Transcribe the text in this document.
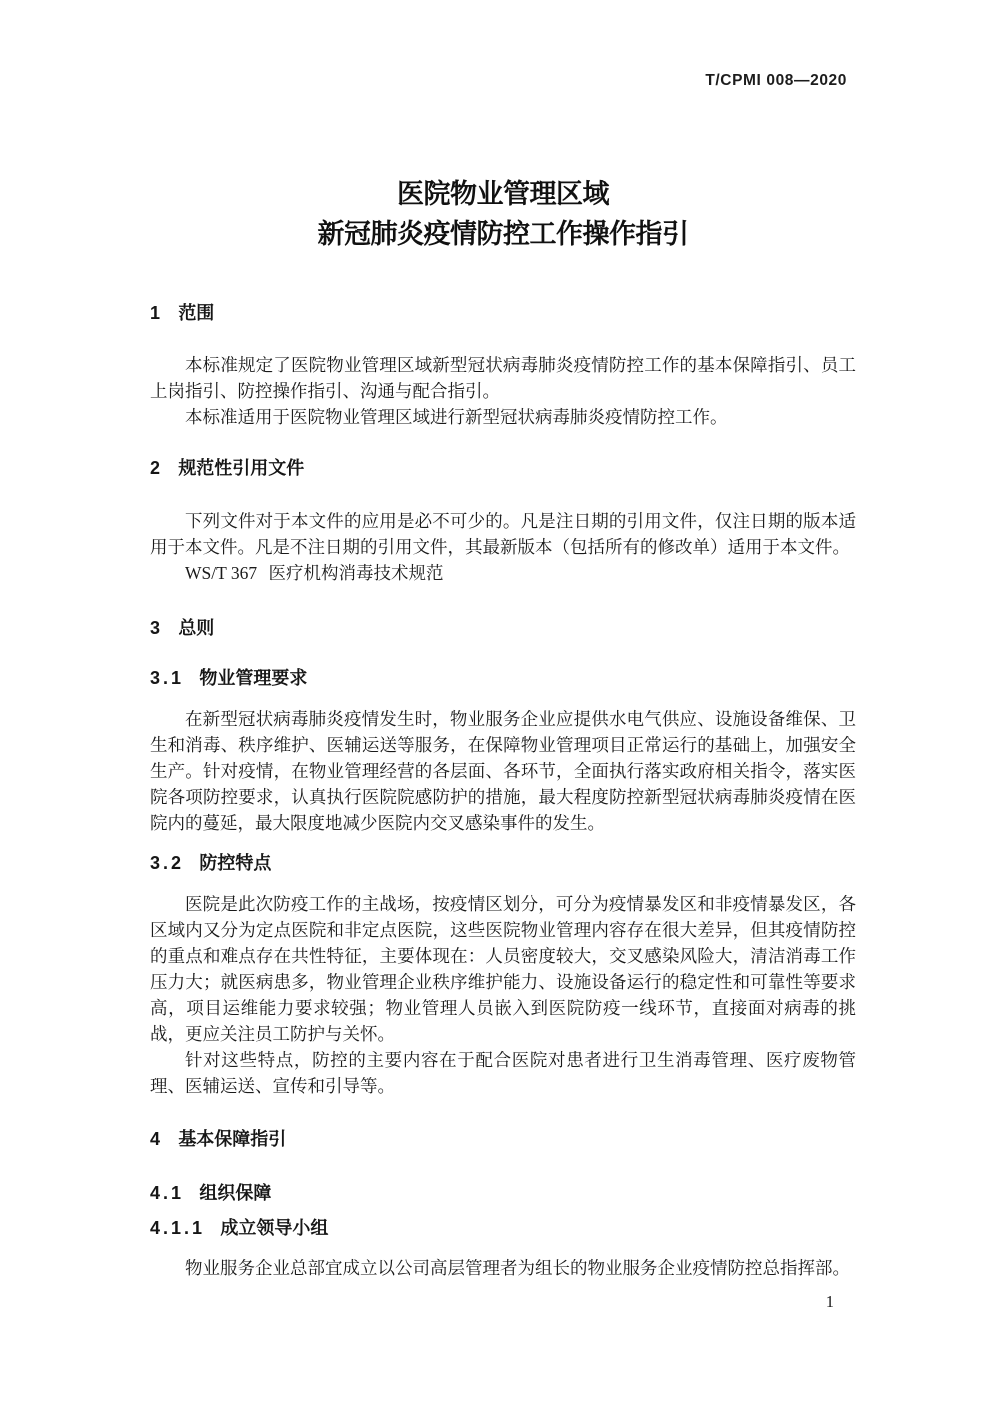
T/CPMI 008—2020
医院物业管理区域
新冠肺炎疫情防控工作操作指引
1 范围

本标准规定了医院物业管理区域新型冠状病毒肺炎疫情防控工作的基本保障指引、员工上岗指引、防控操作指引、沟通与配合指引。

本标准适用于医院物业管理区域进行新型冠状病毒肺炎疫情防控工作。

2 规范性引用文件

下列文件对于本文件的应用是必不可少的。凡是注日期的引用文件，仅注日期的版本适用于本文件。凡是不注日期的引用文件，其最新版本（包括所有的修改单）适用于本文件。

WS/T 367 医疗机构消毒技术规范

3 总则
3.1 物业管理要求

在新型冠状病毒肺炎疫情发生时，物业服务企业应提供水电气供应、设施设备维保、卫生和消毒、秩序维护、医辅运送等服务，在保障物业管理项目正常运行的基础上，加强安全生产。针对疫情，在物业管理经营的各层面、各环节，全面执行落实政府相关指令，落实医院各项防控要求，认真执行医院院感防护的措施，最大程度防控新型冠状病毒肺炎疫情在医院内的蔓延，最大限度地减少医院内交叉感染事件的发生。

3.2 防控特点

医院是此次防疫工作的主战场，按疫情区划分，可分为疫情暴发区和非疫情暴发区，各区域内又分为定点医院和非定点医院，这些医院物业管理内容存在很大差异，但其疫情防控的重点和难点存在共性特征，主要体现在：人员密度较大，交叉感染风险大，清洁消毒工作压力大；就医病患多，物业管理企业秩序维护能力、设施设备运行的稳定性和可靠性等要求高，项目运维能力要求较强；物业管理人员嵌入到医院防疫一线环节，直接面对病毒的挑战，更应关注员工防护与关怀。

针对这些特点，防控的主要内容在于配合医院对患者进行卫生消毒管理、医疗废物管理、医辅运送、宣传和引导等。

4 基本保障指引
4.1 组织保障
4.1.1 成立领导小组

物业服务企业总部宜成立以公司高层管理者为组长的物业服务企业疫情防控总指挥部。

1
